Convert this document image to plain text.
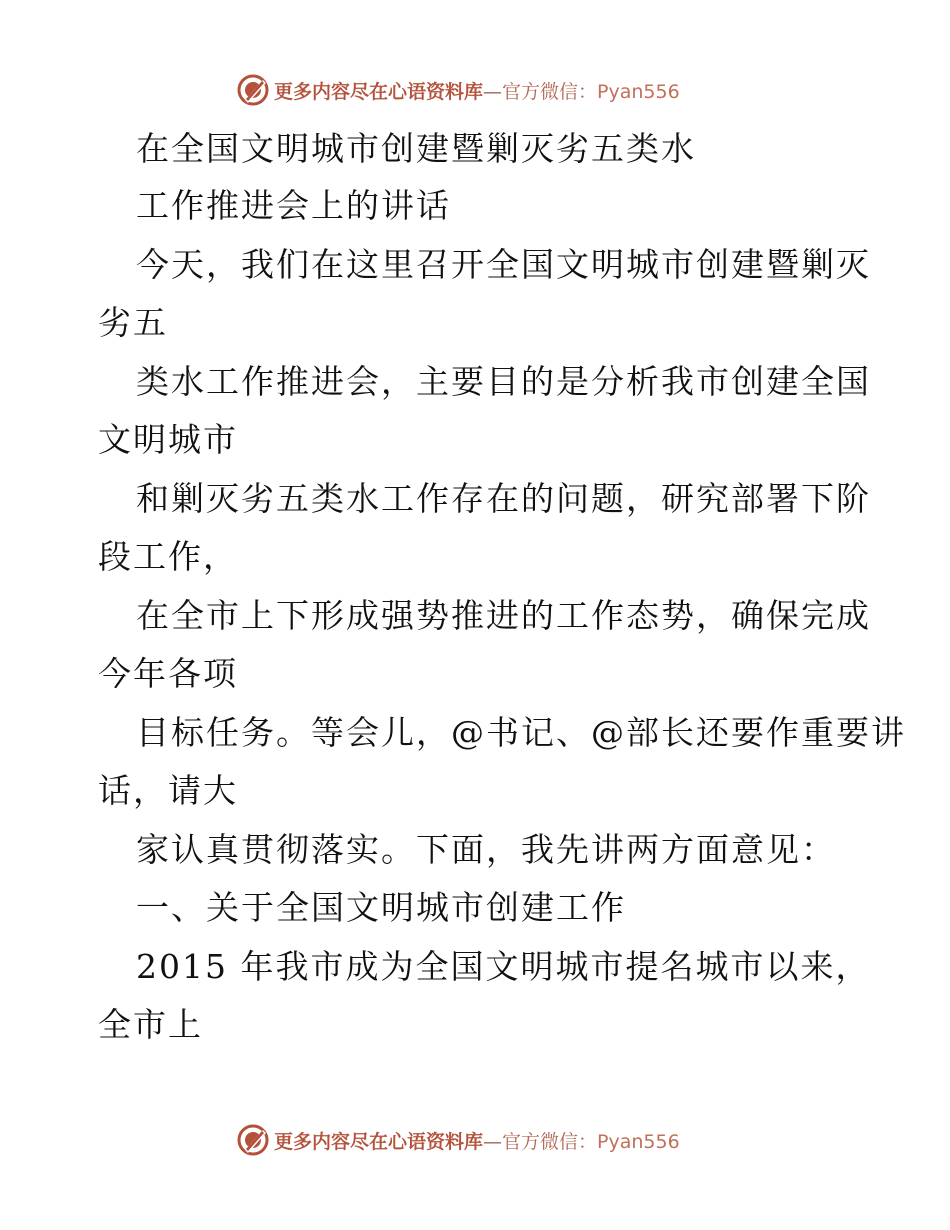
更多内容尽在心语资料库—官方微信：Pyan556
在全国文明城市创建暨剿灭劣五类水
工作推进会上的讲话
今天，我们在这里召开全国文明城市创建暨剿灭
劣五
类水工作推进会，主要目的是分析我市创建全国
文明城市
和剿灭劣五类水工作存在的问题，研究部署下阶
段工作，
在全市上下形成强势推进的工作态势，确保完成
今年各项
目标任务。等会儿，@书记、@部长还要作重要讲
话，请大
家认真贯彻落实。下面，我先讲两方面意见：
一、关于全国文明城市创建工作
2015 年我市成为全国文明城市提名城市以来，
全市上
更多内容尽在心语资料库—官方微信：Pyan556
